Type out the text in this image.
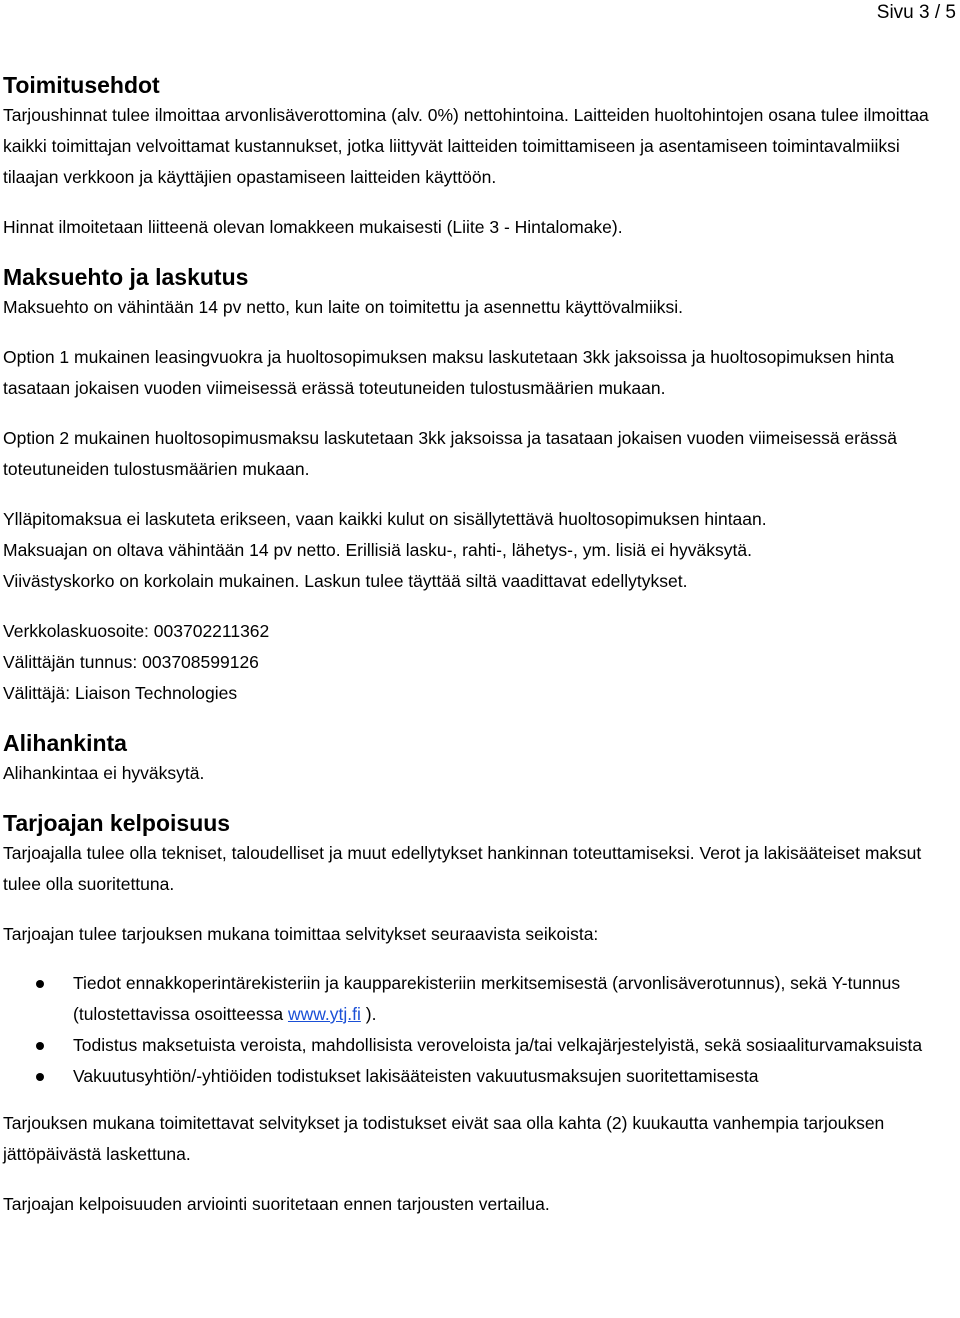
Sivu 3 / 5
Toimitusehdot

Tarjoushinnat tulee ilmoittaa arvonlisäverottomina (alv. 0%) nettohintoina. Laitteiden huoltohintojen osana tulee ilmoittaa kaikki toimittajan velvoittamat kustannukset, jotka liittyvät laitteiden toimittamiseen ja asentamiseen toimintavalmiiksi tilaajan verkkoon ja käyttäjien opastamiseen laitteiden käyttöön.

Hinnat ilmoitetaan liitteenä olevan lomakkeen mukaisesti (Liite 3 - Hintalomake).

Maksuehto ja laskutus

Maksuehto on vähintään 14 pv netto, kun laite on toimitettu ja asennettu käyttövalmiiksi.

Option 1 mukainen leasingvuokra ja huoltosopimuksen maksu laskutetaan 3kk jaksoissa ja huoltosopimuksen hinta tasataan jokaisen vuoden viimeisessä erässä toteutuneiden tulostusmäärien mukaan.

Option 2 mukainen huoltosopimusmaksu laskutetaan 3kk jaksoissa ja tasataan jokaisen vuoden viimeisessä erässä toteutuneiden tulostusmäärien mukaan.

Ylläpitomaksua ei laskuteta erikseen, vaan kaikki kulut on sisällytettävä huoltosopimuksen hintaan.

Maksuajan on oltava vähintään 14 pv netto. Erillisiä lasku-, rahti-, lähetys-, ym. lisiä ei hyväksytä.

Viivästyskorko on korkolain mukainen. Laskun tulee täyttää siltä vaadittavat edellytykset.

Verkkolaskuosoite: 003702211362

Välittäjän tunnus: 003708599126

Välittäjä: Liaison Technologies

Alihankinta

Alihankintaa ei hyväksytä.

Tarjoajan kelpoisuus

Tarjoajalla tulee olla tekniset, taloudelliset ja muut edellytykset hankinnan toteuttamiseksi. Verot ja lakisääteiset maksut tulee olla suoritettuna.

Tarjoajan tulee tarjouksen mukana toimittaa selvitykset seuraavista seikoista:

Tiedot ennakkoperintärekisteriin ja kaupparekisteriin merkitsemisestä (arvonlisäverotunnus), sekä Y-tunnus (tulostettavissa osoitteessa www.ytj.fi ).
Todistus maksetuista veroista, mahdollisista veroveloista ja/tai velkajärjestelyistä, sekä sosiaaliturvamaksuista
Vakuutusyhtiön/-yhtiöiden todistukset lakisääteisten vakuutusmaksujen suoritettamisesta

Tarjouksen mukana toimitettavat selvitykset ja todistukset eivät saa olla kahta (2) kuukautta vanhempia tarjouksen jättöpäivästä laskettuna.

Tarjoajan kelpoisuuden arviointi suoritetaan ennen tarjousten vertailua.
